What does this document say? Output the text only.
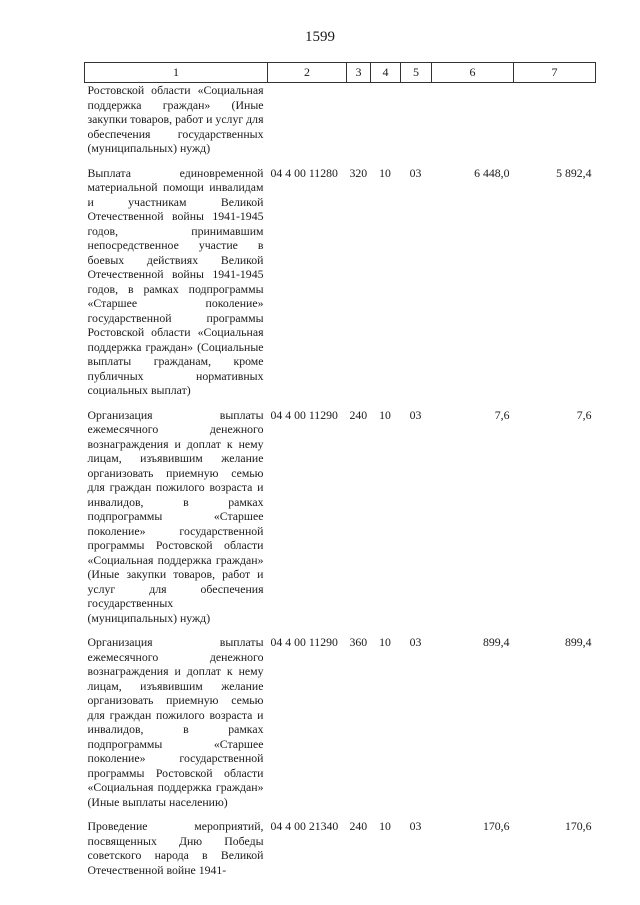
1599
1	2	3	4	5	6	7
Ростовской области «Социальная поддержка граждан» (Иные закупки товаров, работ и услуг для обеспечения государственных (муниципальных) нужд)						

Выплата единовременной материальной помощи инвалидам и участникам Великой Отечественной войны 1941-1945 годов, принимавшим непосредственное участие в боевых действиях Великой Отечественной войны 1941-1945 годов, в рамках подпрограммы «Старшее поколение» государственной программы Ростовской области «Социальная поддержка граждан» (Социальные выплаты гражданам, кроме публичных нормативных социальных выплат)	04 4 00 11280	320	10	03	6 448,0	5 892,4

Организация выплаты ежемесячного денежного вознаграждения и доплат к нему лицам, изъявившим желание организовать приемную семью для граждан пожилого возраста и инвалидов, в рамках подпрограммы «Старшее поколение» государственной программы Ростовской области «Социальная поддержка граждан» (Иные закупки товаров, работ и услуг для обеспечения государственных (муниципальных) нужд)	04 4 00 11290	240	10	03	7,6	7,6

Организация выплаты ежемесячного денежного вознаграждения и доплат к нему лицам, изъявившим желание организовать приемную семью для граждан пожилого возраста и инвалидов, в рамках подпрограммы «Старшее поколение» государственной программы Ростовской области «Социальная поддержка граждан» (Иные выплаты населению)	04 4 00 11290	360	10	03	899,4	899,4

Проведение мероприятий, посвященных Дню Победы советского народа в Великой Отечественной войне 1941-	04 4 00 21340	240	10	03	170,6	170,6
